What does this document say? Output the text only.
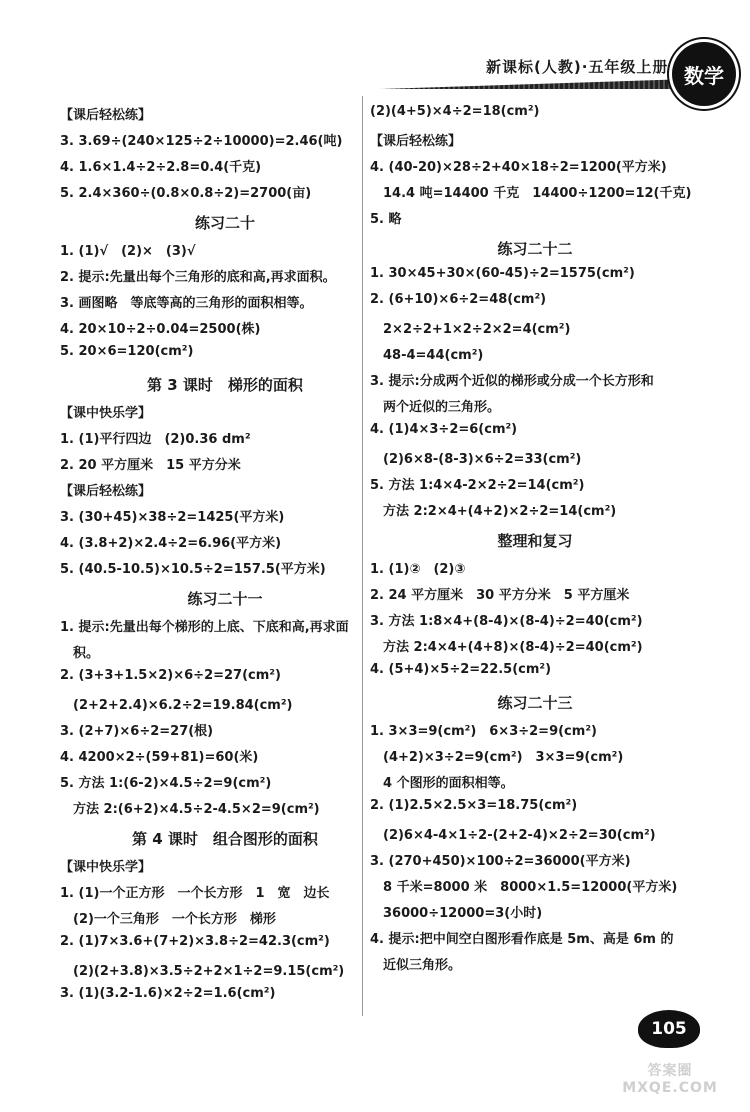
新课标(人教)·五年级上册 数学
【课后轻松练】
3. 3.69÷(240×125÷2÷10000)=2.46(吨)
4. 1.6×1.4÷2÷2.8=0.4(千克)
5. 2.4×360÷(0.8×0.8÷2)=2700(亩)
练习二十
1. (1)√　(2)×　(3)√
2. 提示:先量出每个三角形的底和高,再求面积。
3. 画图略　等底等高的三角形的面积相等。
4. 20×10÷2÷0.04=2500(株)
5. 20×6=120(cm²)
第 3 课时　梯形的面积
【课中快乐学】
1. (1)平行四边　(2)0.36 dm²
2. 20 平方厘米　15 平方分米
【课后轻松练】
3. (30+45)×38÷2=1425(平方米)
4. (3.8+2)×2.4÷2=6.96(平方米)
5. (40.5-10.5)×10.5÷2=157.5(平方米)
练习二十一
1. 提示:先量出每个梯形的上底、下底和高,再求面
　积。
2. (3+3+1.5×2)×6÷2=27(cm²)
　(2+2+2.4)×6.2÷2=19.84(cm²)
3. (2+7)×6÷2=27(根)
4. 4200×2÷(59+81)=60(米)
5. 方法 1:(6-2)×4.5÷2=9(cm²)
　方法 2:(6+2)×4.5÷2-4.5×2=9(cm²)
第 4 课时　组合图形的面积
【课中快乐学】
1. (1)一个正方形　一个长方形　1　宽　边长
　(2)一个三角形　一个长方形　梯形
2. (1)7×3.6+(7+2)×3.8÷2=42.3(cm²)
　(2)(2+3.8)×3.5÷2+2×1÷2=9.15(cm²)
3. (1)(3.2-1.6)×2÷2=1.6(cm²)
(2)(4+5)×4÷2=18(cm²)
【课后轻松练】
4. (40-20)×28÷2+40×18÷2=1200(平方米)
　14.4 吨=14400 千克　14400÷1200=12(千克)
5. 略
练习二十二
1. 30×45+30×(60-45)÷2=1575(cm²)
2. (6+10)×6÷2=48(cm²)
　2×2÷2+1×2÷2×2=4(cm²)
　48-4=44(cm²)
3. 提示:分成两个近似的梯形或分成一个长方形和
　两个近似的三角形。
4. (1)4×3÷2=6(cm²)
　(2)6×8-(8-3)×6÷2=33(cm²)
5. 方法 1:4×4-2×2÷2=14(cm²)
　方法 2:2×4+(4+2)×2÷2=14(cm²)
整理和复习
1. (1)②　(2)③
2. 24 平方厘米　30 平方分米　5 平方厘米
3. 方法 1:8×4+(8-4)×(8-4)÷2=40(cm²)
　方法 2:4×4+(4+8)×(8-4)÷2=40(cm²)
4. (5+4)×5÷2=22.5(cm²)
练习二十三
1. 3×3=9(cm²)　6×3÷2=9(cm²)
　(4+2)×3÷2=9(cm²)　3×3=9(cm²)
　4 个图形的面积相等。
2. (1)2.5×2.5×3=18.75(cm²)
　(2)6×4-4×1÷2-(2+2-4)×2÷2=30(cm²)
3. (270+450)×100÷2=36000(平方米)
　8 千米=8000 米　8000×1.5=12000(平方米)
　36000÷12000=3(小时)
4. 提示:把中间空白图形看作底是 5m、高是 6m 的
　近似三角形。
105
答案圈 MXQE.COM
